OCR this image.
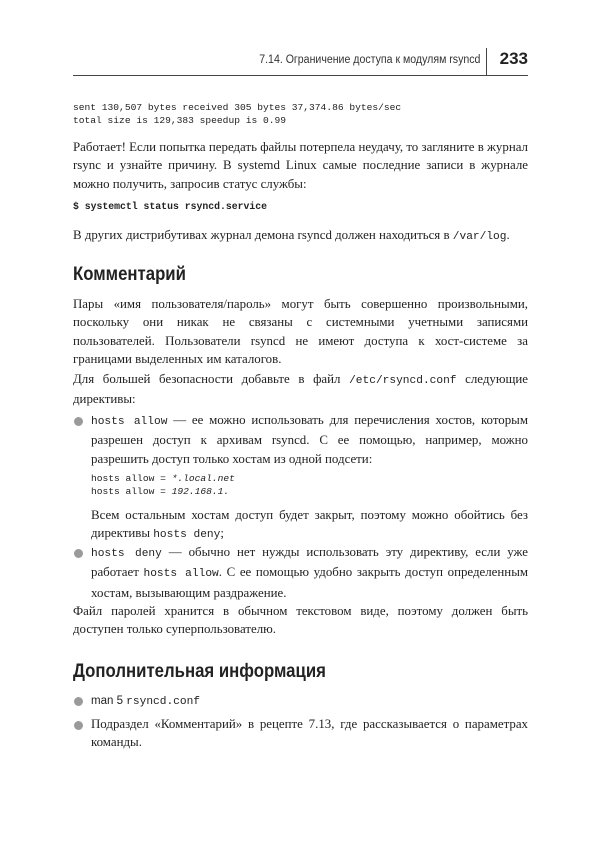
7.14. Ограничение доступа к модулям rsyncd 233
sent 130,507 bytes received 305 bytes 37,374.86 bytes/sec
total size is 129,383 speedup is 0.99

Работает! Если попытка передать файлы потерпела неудачу, то загляните в журнал rsync и узнайте причину. В systemd Linux самые последние записи в журнале можно получить, запросив статус службы:

$ systemctl status rsyncd.service

В других дистрибутивах журнал демона rsyncd должен находиться в /var/log.

Комментарий

Пары «имя пользователя/пароль» могут быть совершенно произвольными, поскольку они никак не связаны с системными учетными записями пользователей. Пользователи rsyncd не имеют доступа к хост-системе за границами выделенных им каталогов.

Для большей безопасности добавьте в файл /etc/rsyncd.conf следующие директивы:

hosts allow — ее можно использовать для перечисления хостов, которым разрешен доступ к архивам rsyncd. С ее помощью, например, можно разрешить доступ только хостам из одной подсети:

hosts allow = *.local.net
hosts allow = 192.168.1.

Всем остальным хостам доступ будет закрыт, поэтому можно обойтись без директивы hosts deny;

hosts deny — обычно нет нужды использовать эту директиву, если уже работает hosts allow. С ее помощью удобно закрыть доступ определенным хостам, вызывающим раздражение.

Файл паролей хранится в обычном текстовом виде, поэтому должен быть доступен только суперпользователю.

Дополнительная информация

man 5 rsyncd.conf

Подраздел «Комментарий» в рецепте 7.13, где рассказывается о параметрах команды.
